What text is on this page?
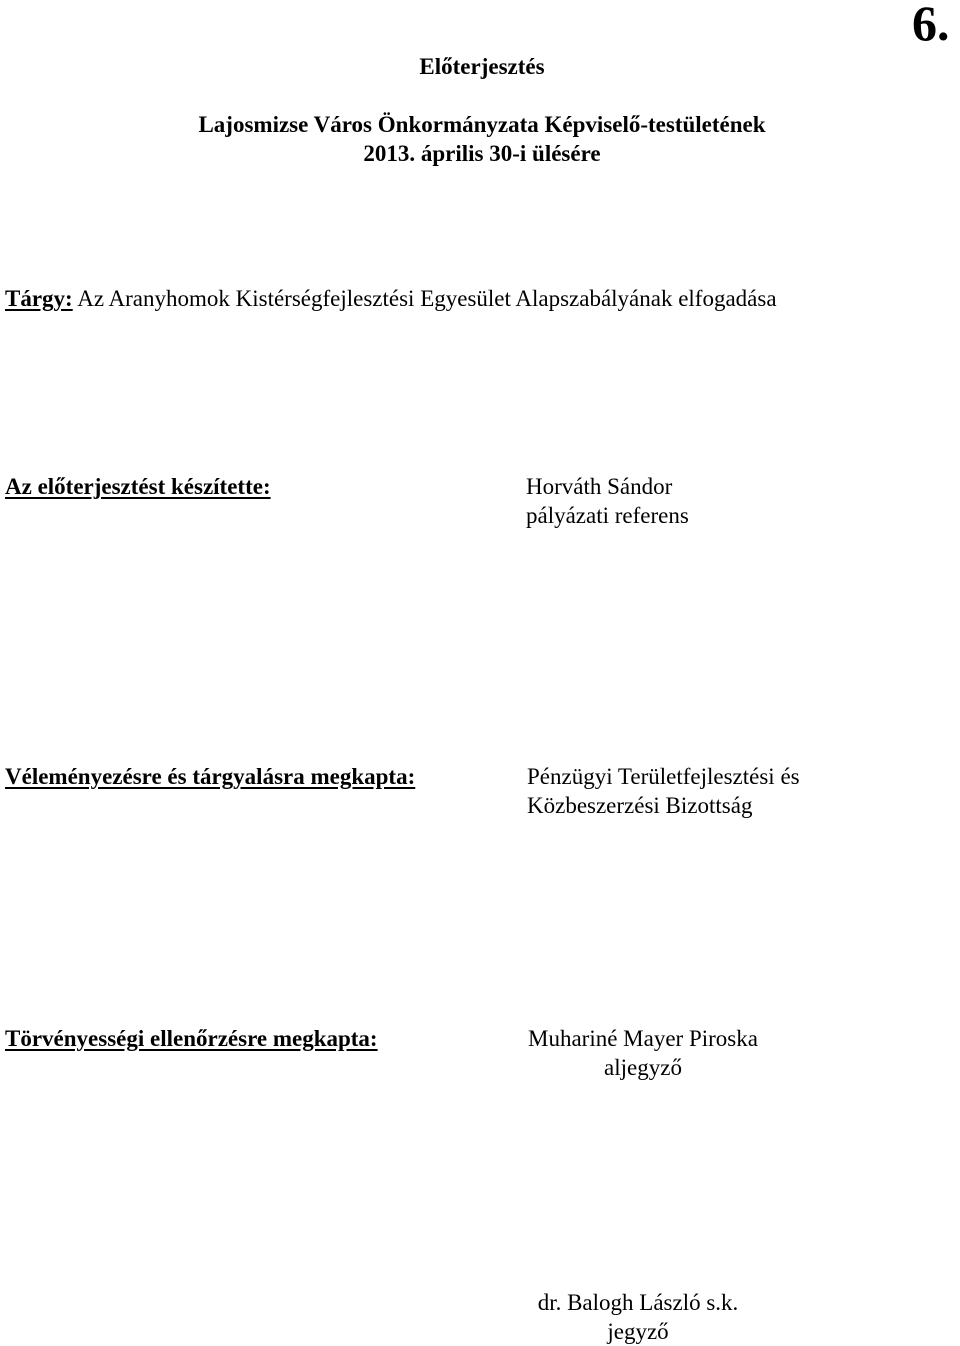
6.
Előterjesztés
Lajosmizse Város Önkormányzata Képviselő-testületének
2013. április 30-i ülésére
Tárgy: Az Aranyhomok Kistérségfejlesztési Egyesület Alapszabályának elfogadása
Az előterjesztést készítette:	Horváth Sándor
pályázati referens
Véleményezésre és tárgyalásra megkapta:	Pénzügyi Területfejlesztési és
Közbeszerzési Bizottság
Törvényességi ellenőrzésre megkapta:	Muhariné Mayer Piroska
aljegyző
dr. Balogh László s.k.
jegyző
